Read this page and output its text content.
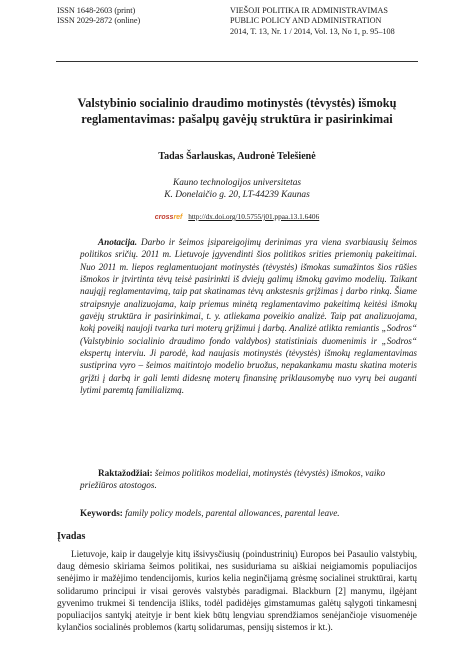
ISSN 1648-2603 (print)
ISSN 2029-2872 (online)
VIEŠOJI POLITIKA IR ADMINISTRAVIMAS
PUBLIC POLICY AND ADMINISTRATION
2014, T. 13, Nr. 1 / 2014, Vol. 13, No 1, p. 95–108
Valstybinio socialinio draudimo motinystės (tėvystės) išmokų
reglamentavimas: pašalpų gavėjų struktūra ir pasirinkimai
Tadas Šarlauskas, Audronė Telešienė
Kauno technologijos universitetas
K. Donelaičio g. 20, LT-44239 Kaunas
crossref http://dx.doi.org/10.5755/j01.ppaa.13.1.6406

Anotacija. Darbo ir šeimos įsipareigojimų derinimas yra viena svarbiausių šeimos politikos sričių. 2011 m. Lietuvoje įgyvendinti šios politikos srities priemonių pakeitimai. Nuo 2011 m. liepos reglamentuojant motinystės (tėvystės) išmokas sumažintos šios rūšies išmokos ir įtvirtinta tėvų teisė pasirinkti iš dviejų galimų išmokų gavimo modelių. Taikant naująjį reglamentavimą, taip pat skatinamas tėvų ankstesnis grįžimas į darbo rinką. Šiame straipsnyje analizuojama, kaip priemus minėtą reglamentavimo pakeitimą keitėsi išmokų gavėjų struktūra ir pasirinkimai, t. y. atliekama poveikio analizė. Taip pat analizuojama, kokį poveikį naujoji tvarka turi moterų grįžimui į darbą. Analizė atlikta remiantis „Sodros“ (Valstybinio socialinio draudimo fondo valdybos) statistiniais duomenimis ir „Sodros“ ekspertų interviu. Ji parodė, kad naujasis motinystės (tėvystės) išmokų reglamentavimas sustiprina vyro – šeimos maitintojo modelio bruožus, nepakankamu mastu skatina moteris grįžti į darbą ir gali lemti didesnę moterų finansinę priklausomybę nuo vyrų bei auganti lytimi paremtą familializmą.

Raktažodžiai: šeimos politikos modeliai, motinystės (tėvystės) išmokos, vaiko priežiūros atostogos.

Keywords: family policy models, parental allowances, parental leave.

Įvadas

Lietuvoje, kaip ir daugelyje kitų išsivysčiusių (poindustrinių) Europos bei Pasaulio valstybių, daug dėmesio skiriama šeimos politikai, nes susiduriama su aiškiai neigiamomis populiacijos senėjimo ir mažėjimo tendencijomis, kurios kelia neginčijamą grėsmę socialinei struktūrai, kartų solidarumo principui ir visai gerovės valstybės paradigmai. Blackburn [2] manymu, ilgėjant gyvenimo trukmei ši tendencija išliks, todėl padidėjęs gimstamumas galėtų sąlygoti tinkamesnį populiacijos santykį ateityje ir bent kiek būtų lengviau sprendžiamos senėjančioje visuomenėje kylančios socialinės problemos (kartų solidarumas, pensijų sistemos ir kt.).
